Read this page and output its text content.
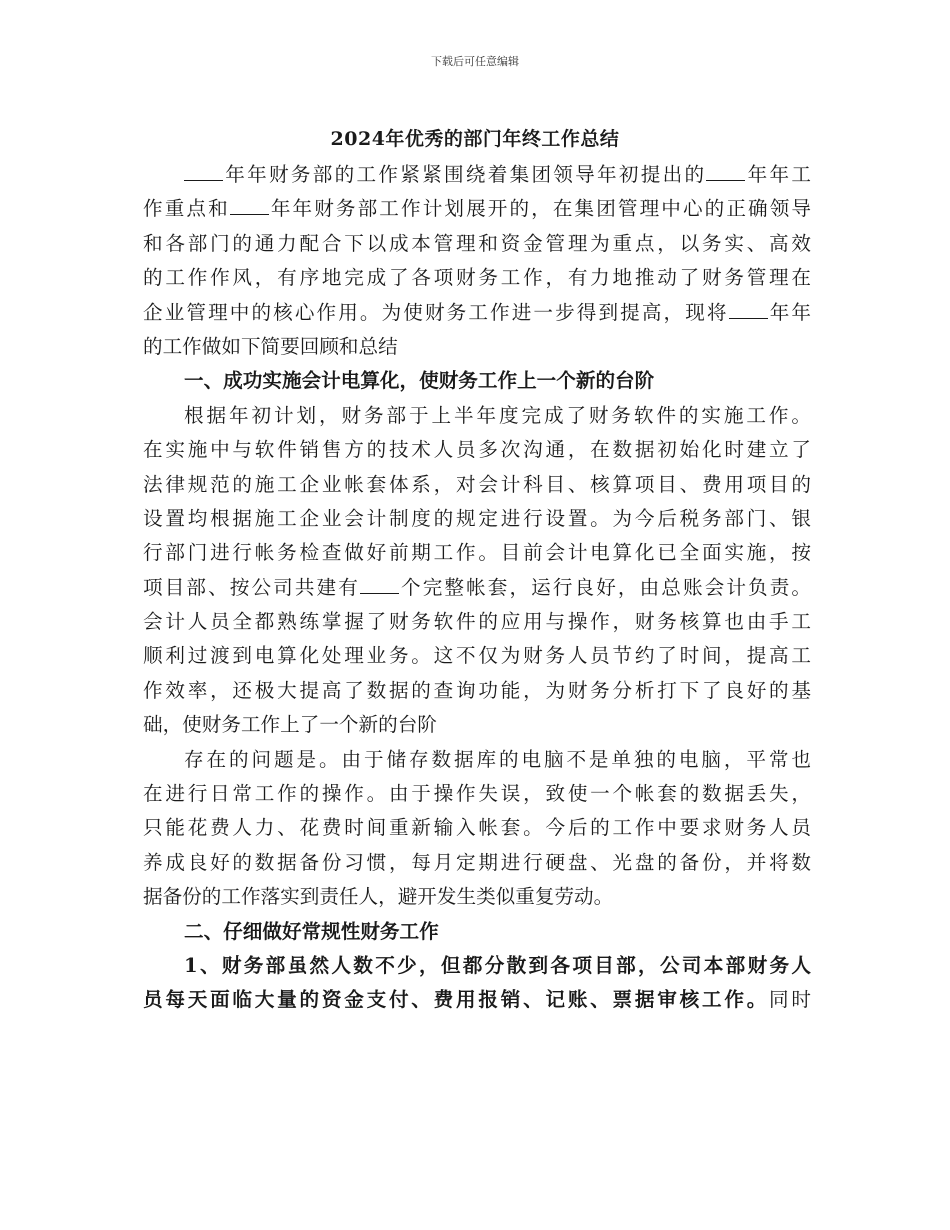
下载后可任意编辑
2024年优秀的部门年终工作总结
年年财务部的工作紧紧围绕着集团领导年初提出的 年年工
作重点和 年年财务部工作计划展开的，在集团管理中心的正确领导
和各部门的通力配合下以成本管理和资金管理为重点，以务实、高效
的工作作风，有序地完成了各项财务工作，有力地推动了财务管理在
企业管理中的核心作用。为使财务工作进一步得到提高，现将 年年
的工作做如下简要回顾和总结
一、成功实施会计电算化，使财务工作上一个新的台阶
根据年初计划，财务部于上半年度完成了财务软件的实施工作。
在实施中与软件销售方的技术人员多次沟通，在数据初始化时建立了
法律规范的施工企业帐套体系，对会计科目、核算项目、费用项目的
设置均根据施工企业会计制度的规定进行设置。为今后税务部门、银
行部门进行帐务检查做好前期工作。目前会计电算化已全面实施，按
项目部、按公司共建有 个完整帐套，运行良好，由总账会计负责。
会计人员全都熟练掌握了财务软件的应用与操作，财务核算也由手工
顺利过渡到电算化处理业务。这不仅为财务人员节约了时间，提高工
作效率，还极大提高了数据的查询功能，为财务分析打下了良好的基
础，使财务工作上了一个新的台阶
存在的问题是。由于储存数据库的电脑不是单独的电脑，平常也
在进行日常工作的操作。由于操作失误，致使一个帐套的数据丢失，
只能花费人力、花费时间重新输入帐套。今后的工作中要求财务人员
养成良好的数据备份习惯，每月定期进行硬盘、光盘的备份，并将数
据备份的工作落实到责任人，避开发生类似重复劳动。
二、仔细做好常规性财务工作
1、财务部虽然人数不少，但都分散到各项目部，公司本部财务人
员每天面临大量的资金支付、费用报销、记账、票据审核工作。同时
